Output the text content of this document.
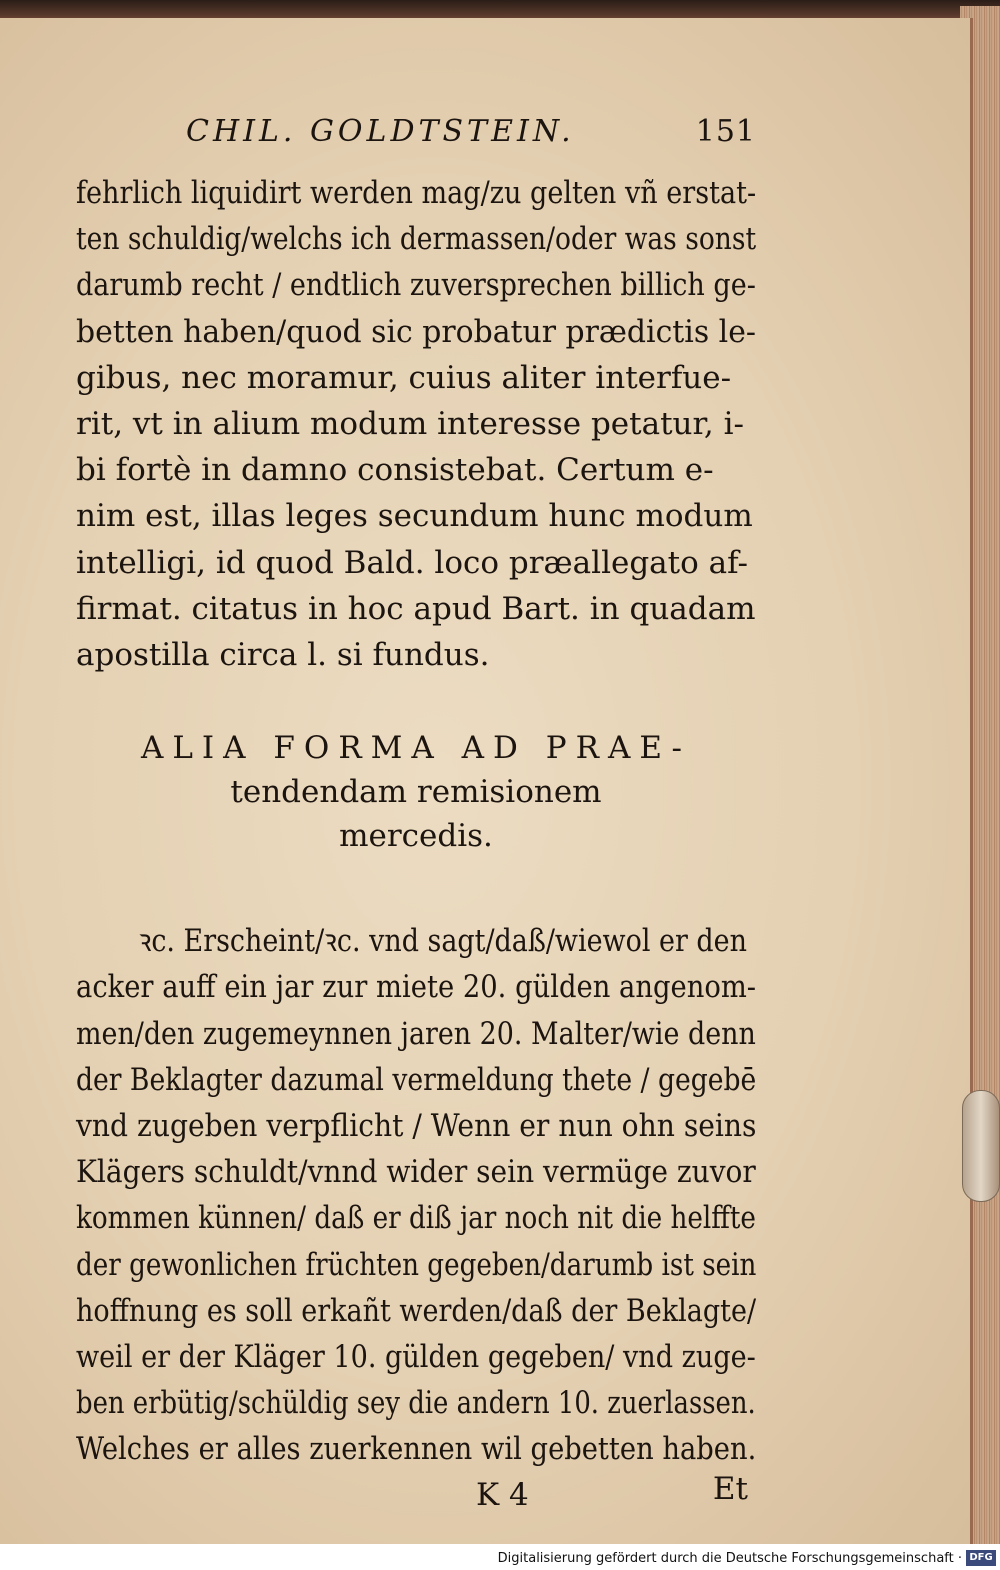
CHIL. GOLDTSTEIN.	151

fehrlich liquidirt werden mag/zu gelten vñ erstat-
ten schuldig/welchs ich dermassen/oder was sonst
darumb recht / endtlich zuversprechen billich ge-
betten haben/quod sic probatur prædictis le-
gibus, nec moramur, cuius aliter interfue-
rit, vt in alium modum interesse petatur, i-
bi fortè in damno consistebat. Certum e-
nim est, illas leges secundum hunc modum
intelligi, id quod Bald. loco præallegato af-
firmat. citatus in hoc apud Bart. in quadam
apostilla circa l. si fundus.

ALIA FORMA AD PRAE-
tendendam remisionem
mercedis.

ꝛc. Erscheint/ꝛc. vnd sagt/daß/wiewol er den
acker auff ein jar zur miete 20. gülden angenom-
men/den zugemeynnen jaren 20. Malter/wie denn
der Beklagter dazumal vermeldung thete / gegebē
vnd zugeben verpflicht / Wenn er nun ohn seins
Klägers schuldt/vnnd wider sein vermüge zuvor
kommen künnen/ daß er diß jar noch nit die helffte
der gewonlichen früchten gegeben/darumb ist sein
hoffnung es soll erkañt werden/daß der Beklagte/
weil er der Kläger 10. gülden gegeben/ vnd zuge-
ben erbütig/schüldig sey die andern 10. zuerlassen.
Welches er alles zuerkennen wil gebetten haben.

K 4	Et
Digitalisierung gefördert durch die Deutsche Forschungsgemeinschaft · DFG
